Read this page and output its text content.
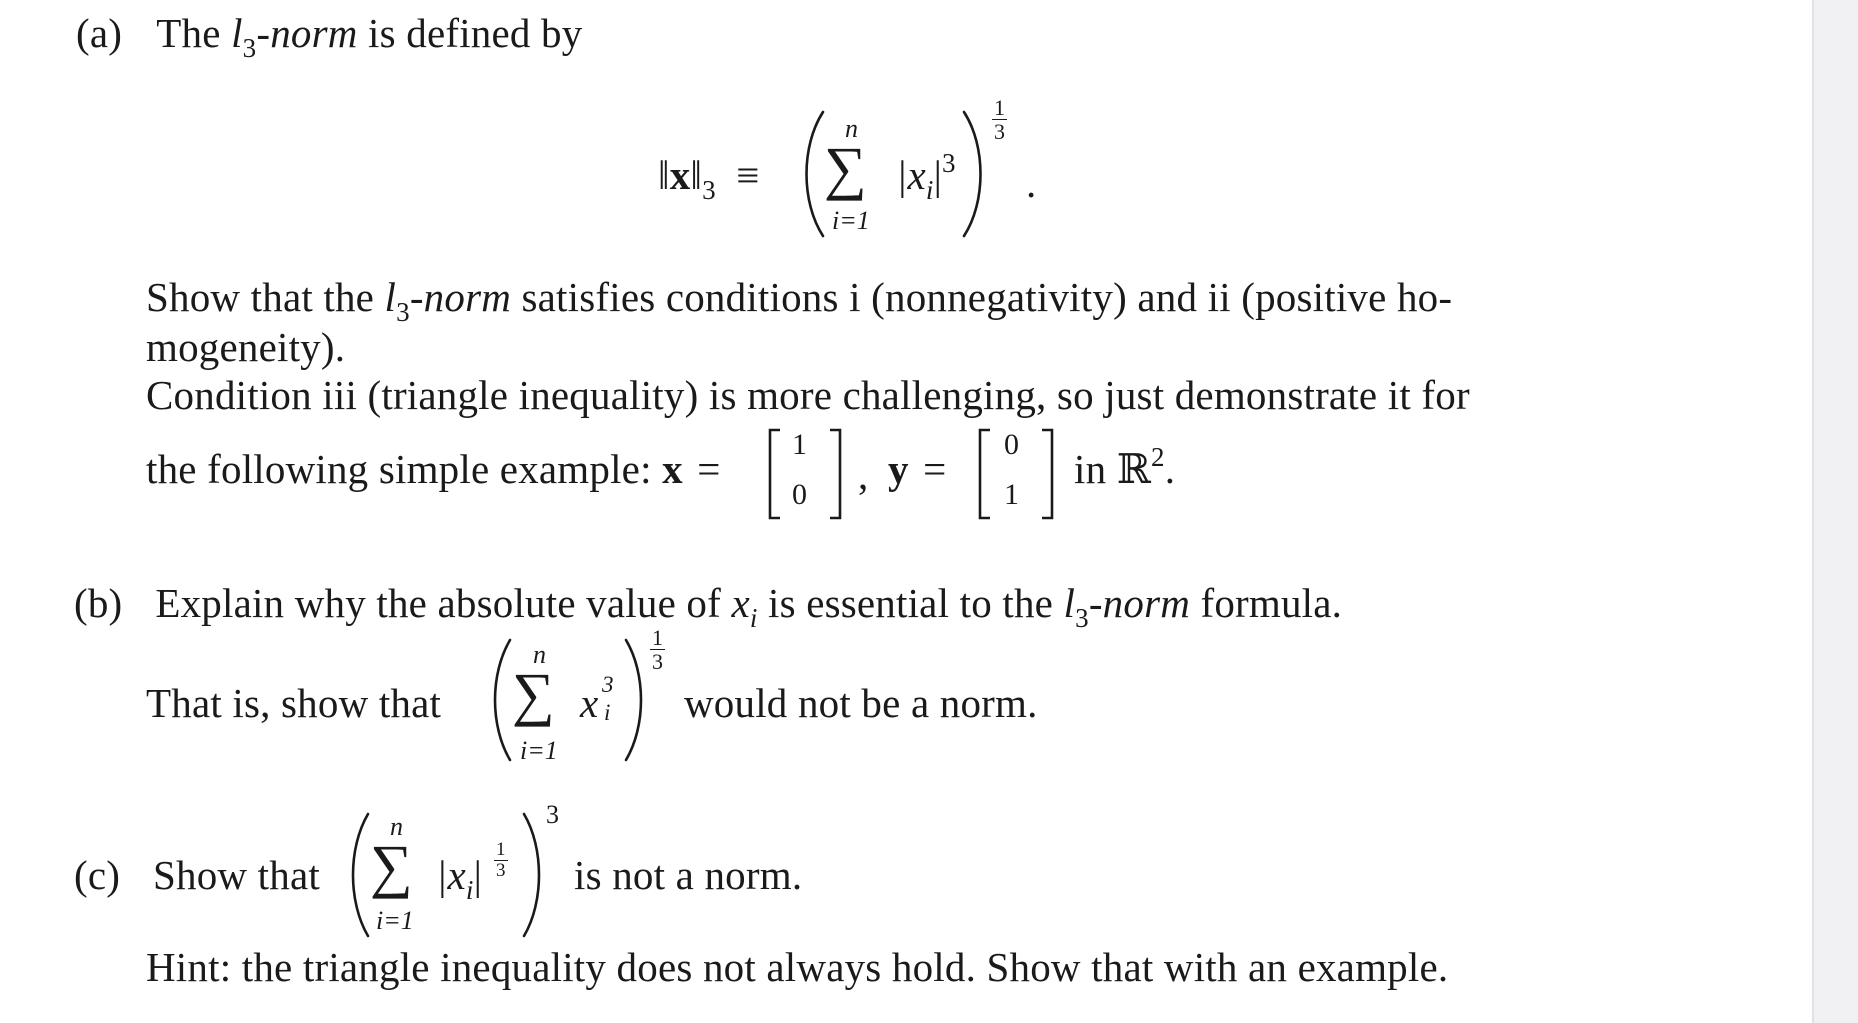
(a) The $l_3$-norm is defined by
$‖x‖_3$ ≡
n
∑
i=1
$|x_i|^3$
$\frac{1}{3}$
.
Show that the $l_3$-norm satisfies conditions i (nonnegativity) and ii (positive ho-
mogeneity).
Condition iii (triangle inequality) is more challenging, so just demonstrate it for
the following simple example: x =
1
0 , y =
0
1
in ℝ$^2$.
(b) Explain why the absolute value of $x_i$ is essential to the $l_3$-norm formula.
That is, show that
n
∑
i=1
x 3
i
$\frac{1}{3}$
would not be a norm.
(c) Show that
n
∑
i=1
$|x_i| \frac{1}{3}$
3
is not a norm.
Hint: the triangle inequality does not always hold. Show that with an example.
